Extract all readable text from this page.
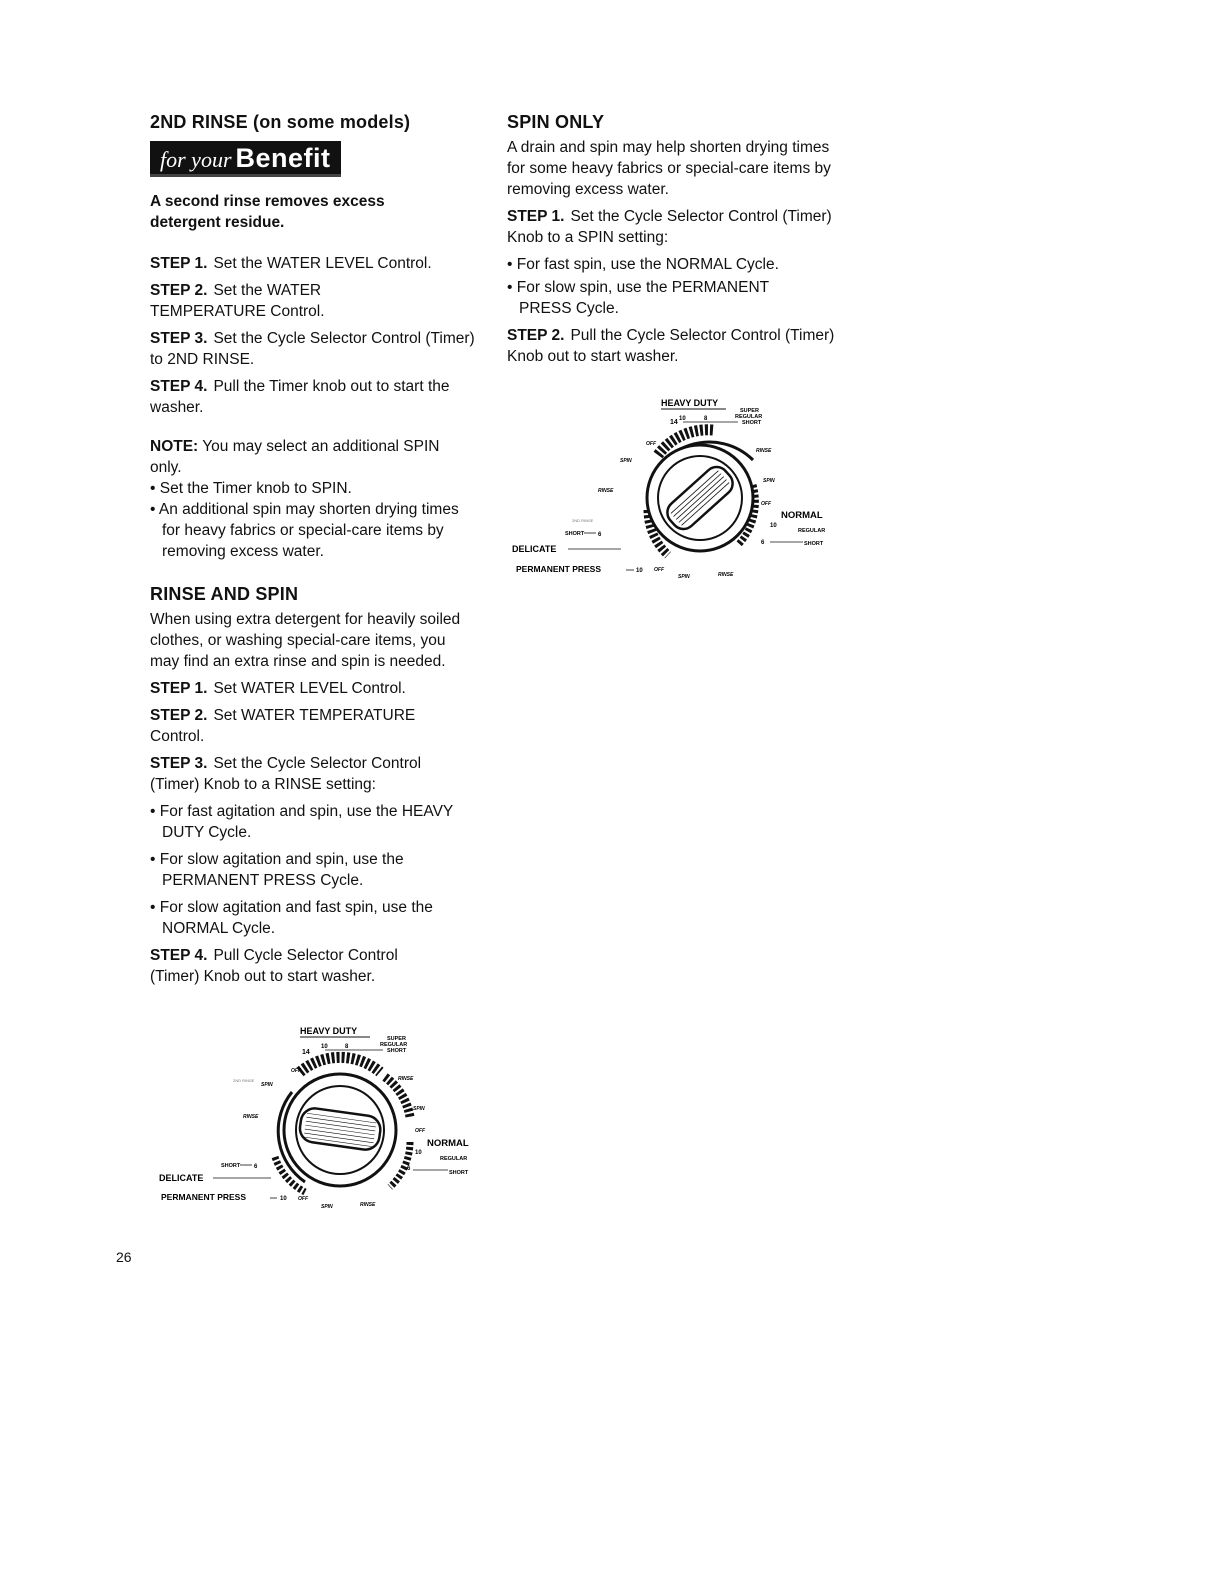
2ND RINSE (on some models)
for your Benefit

A second rinse removes excess detergent residue.

STEP 1. Set the WATER LEVEL Control.

STEP 2. Set the WATER TEMPERATURE Control.

STEP 3. Set the Cycle Selector Control (Timer) to 2ND RINSE.

STEP 4. Pull the Timer knob out to start the washer.

NOTE: You may select an additional SPIN only.

• Set the Timer knob to SPIN.

• An additional spin may shorten drying times for heavy fabrics or special-care items by removing excess water.

RINSE AND SPIN

When using extra detergent for heavily soiled clothes, or washing special-care items, you may find an extra rinse and spin is needed.

STEP 1. Set WATER LEVEL Control.

STEP 2. Set WATER TEMPERATURE Control.

STEP 3. Set the Cycle Selector Control (Timer) Knob to a RINSE setting:

• For fast agitation and spin, use the HEAVY DUTY Cycle.

• For slow agitation and spin, use the PERMANENT PRESS Cycle.

• For slow agitation and fast spin, use the NORMAL Cycle.

STEP 4. Pull Cycle Selector Control (Timer) Knob out to start washer.

SPIN ONLY

A drain and spin may help shorten drying times for some heavy fabrics or special-care items by removing excess water.

STEP 1. Set the Cycle Selector Control (Timer) Knob to a SPIN setting:

• For fast spin, use the NORMAL Cycle.

• For slow spin, use the PERMANENT PRESS Cycle.

STEP 2. Pull the Cycle Selector Control (Timer) Knob out to start washer.

HEAVY DUTY
SUPER
REGULAR
SHORT
14 10	8
OFF
SPIN
RINSE
RINSE
SPIN
OFF
2ND RINSE	NORMAL
10
REGULAR
SHORT
6
SHORT 6
DELICATE
PERMANENT PRESS	10 OFF
SPIN	RINSE
HEAVY DUTY
SUPER
REGULAR
SHORT
14
10	8
OFF
2ND RINSE
SPIN
RINSE
RINSE
SPIN
OFF
NORMAL
10
REGULAR
SHORT
6
SHORT 6
DELICATE
PERMANENT PRESS	10 OFF
SPIN	RINSE
26
